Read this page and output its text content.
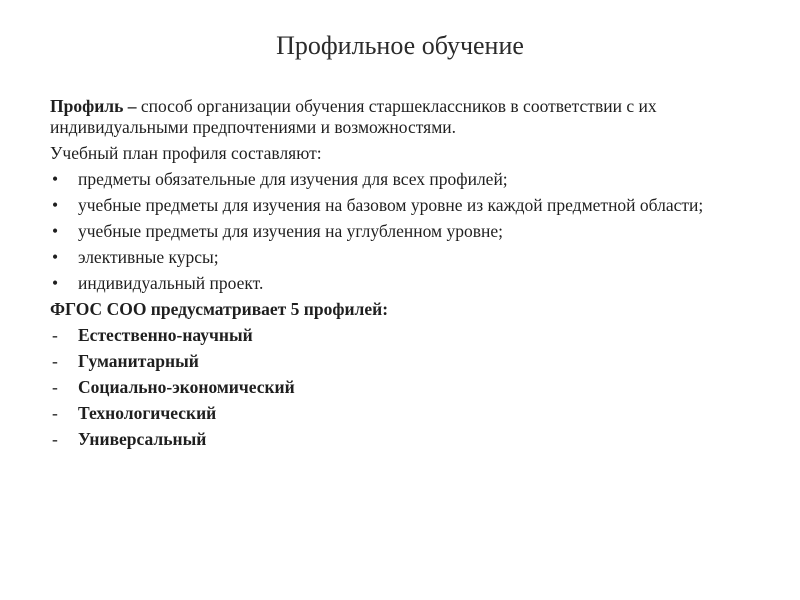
Профильное обучение

Профиль – способ организации обучения старшеклассников в соответствии с их индивидуальными предпочтениями и возможностями.

Учебный план профиля составляют:

•	предметы обязательные для изучения для всех профилей;
•	учебные предметы для изучения на базовом уровне из каждой предметной области;
•	учебные предметы для изучения на углубленном уровне;
•	элективные курсы;
•	индивидуальный проект.

ФГОС СОО предусматривает 5 профилей:

-	Естественно-научный
-	Гуманитарный
-	Социально-экономический
-	Технологический
-	Универсальный
